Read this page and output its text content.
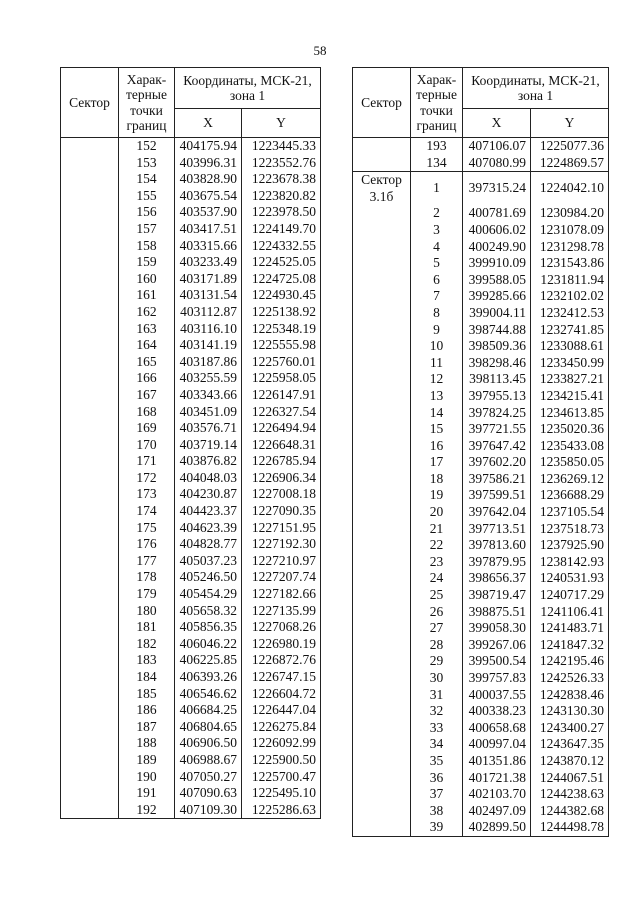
58
Сектор	Харак-терные точки границ	Координаты, МСК-21, зона 1	
		X	Y
	152	404175.94	1223445.33
	153	403996.31	1223552.76
	154	403828.90	1223678.38
	155	403675.54	1223820.82
	156	403537.90	1223978.50
	157	403417.51	1224149.70
	158	403315.66	1224332.55
	159	403233.49	1224525.05
	160	403171.89	1224725.08
	161	403131.54	1224930.45
	162	403112.87	1225138.92
	163	403116.10	1225348.19
	164	403141.19	1225555.98
	165	403187.86	1225760.01
	166	403255.59	1225958.05
	167	403343.66	1226147.91
	168	403451.09	1226327.54
	169	403576.71	1226494.94
	170	403719.14	1226648.31
	171	403876.82	1226785.94
	172	404048.03	1226906.34
	173	404230.87	1227008.18
	174	404423.37	1227090.35
	175	404623.39	1227151.95
	176	404828.77	1227192.30
	177	405037.23	1227210.97
	178	405246.50	1227207.74
	179	405454.29	1227182.66
	180	405658.32	1227135.99
	181	405856.35	1227068.26
	182	406046.22	1226980.19
	183	406225.85	1226872.76
	184	406393.26	1226747.15
	185	406546.62	1226604.72
	186	406684.25	1226447.04
	187	406804.65	1226275.84
	188	406906.50	1226092.99
	189	406988.67	1225900.50
	190	407050.27	1225700.47
	191	407090.63	1225495.10
	192	407109.30	1225286.63
Сектор	Харак-терные точки границ	Координаты, МСК-21, зона 1	
		X	Y
	193	407106.07	1225077.36
	134	407080.99	1224869.57
Сектор 3.1б	1	397315.24	1224042.10
	2	400781.69	1230984.20
	3	400606.02	1231078.09
	4	400249.90	1231298.78
	5	399910.09	1231543.86
	6	399588.05	1231811.94
	7	399285.66	1232102.02
	8	399004.11	1232412.53
	9	398744.88	1232741.85
	10	398509.36	1233088.61
	11	398298.46	1233450.99
	12	398113.45	1233827.21
	13	397955.13	1234215.41
	14	397824.25	1234613.85
	15	397721.55	1235020.36
	16	397647.42	1235433.08
	17	397602.20	1235850.05
	18	397586.21	1236269.12
	19	397599.51	1236688.29
	20	397642.04	1237105.54
	21	397713.51	1237518.73
	22	397813.60	1237925.90
	23	397879.95	1238142.93
	24	398656.37	1240531.93
	25	398719.47	1240717.29
	26	398875.51	1241106.41
	27	399058.30	1241483.71
	28	399267.06	1241847.32
	29	399500.54	1242195.46
	30	399757.83	1242526.33
	31	400037.55	1242838.46
	32	400338.23	1243130.30
	33	400658.68	1243400.27
	34	400997.04	1243647.35
	35	401351.86	1243870.12
	36	401721.38	1244067.51
	37	402103.70	1244238.63
	38	402497.09	1244382.68
	39	402899.50	1244498.78
